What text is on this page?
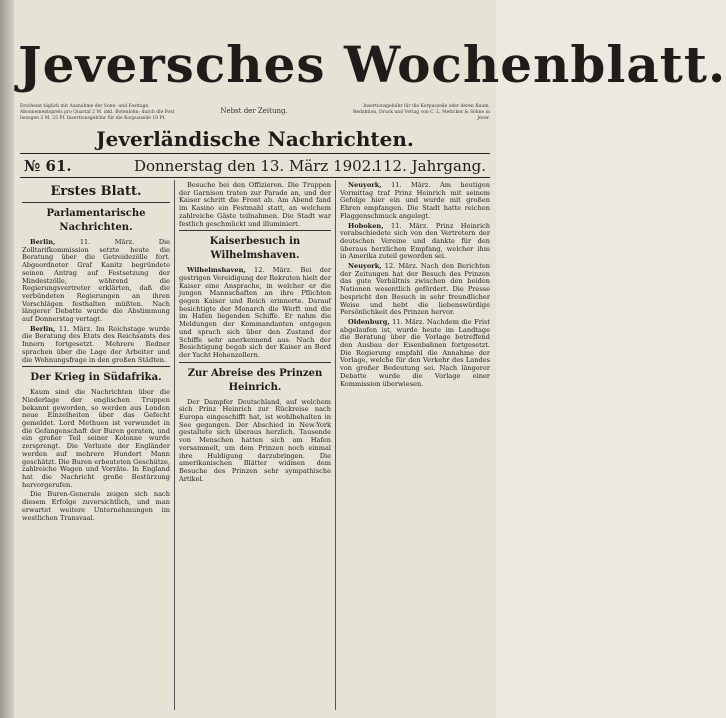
Jeversches Wochenblatt.
Erscheint täglich mit Ausnahme der Sonn- und Festtage. Abonnementspreis pro Quartal 2 M. inkl. Botenlohn; durch die Post bezogen 2 M. 25 Pf. Insertionsgebühr für die Korpuszeile 10 Pf.
Nebst der Zeitung.
Insertionsgebühr für die Korpuszeile oder deren Raum. Redaktion, Druck und Verlag von C. L. Mettcker & Söhne in Jever.
Jeverländische Nachrichten.
№ 61.	Donnerstag den 13. März 1902.
112. Jahrgang.
Erstes Blatt.
Parlamentarische Nachrichten.

Berlin, 11. März. Die Zolltarifkommission setzte heute die Beratung über die Getreidezölle fort. Abgeordneter Graf Kanitz begründete seinen Antrag auf Festsetzung der Mindestzölle, während die Regierungsvertreter erklärten, daß die verbündeten Regierungen an ihren Vorschlägen festhalten müßten. Nach längerer Debatte wurde die Abstimmung auf Donnerstag vertagt.

Berlin, 11. März. Im Reichstage wurde die Beratung des Etats des Reichsamts des Innern fortgesetzt. Mehrere Redner sprachen über die Lage der Arbeiter und die Wohnungsfrage in den großen Städten.

Der Krieg in Südafrika.

Kaum sind die Nachrichten über die Niederlage der englischen Truppen bekannt geworden, so werden aus London neue Einzelheiten über das Gefecht gemeldet. Lord Methuen ist verwundet in die Gefangenschaft der Buren geraten, und ein großer Teil seiner Kolonne wurde zersprengt. Die Verluste der Engländer werden auf mehrere Hundert Mann geschätzt. Die Buren erbeuteten Geschütze, zahlreiche Wagen und Vorräte. In England hat die Nachricht große Bestürzung hervorgerufen.

Die Buren-Generale zeigen sich nach diesem Erfolge zuversichtlich, und man erwartet weitere Unternehmungen im westlichen Transvaal.

Besuche bei den Offizieren. Die Truppen der Garnison traten zur Parade an, und der Kaiser schritt die Front ab. Am Abend fand im Kasino ein Festmahl statt, an welchem zahlreiche Gäste teilnahmen. Die Stadt war festlich geschmückt und illuminiert.

Kaiserbesuch in Wilhelmshaven.

Wilhelmshaven, 12. März. Bei der gestrigen Vereidigung der Rekruten hielt der Kaiser eine Ansprache, in welcher er die jungen Mannschaften an ihre Pflichten gegen Kaiser und Reich erinnerte. Darauf besichtigte der Monarch die Werft und die im Hafen liegenden Schiffe. Er nahm die Meldungen der Kommandanten entgegen und sprach sich über den Zustand der Schiffe sehr anerkennend aus. Nach der Besichtigung begab sich der Kaiser an Bord der Yacht Hohenzollern.

Zur Abreise des Prinzen Heinrich.

Der Dampfer Deutschland, auf welchem sich Prinz Heinrich zur Rückreise nach Europa eingeschifft hat, ist wohlbehalten in See gegangen. Der Abschied in New-York gestaltete sich überaus herzlich. Tausende von Menschen hatten sich am Hafen versammelt, um dem Prinzen noch einmal ihre Huldigung darzubringen. Die amerikanischen Blätter widmen dem Besuche des Prinzen sehr sympathische Artikel.

Neuyork, 11. März. Am heutigen Vormittag traf Prinz Heinrich mit seinem Gefolge hier ein und wurde mit großen Ehren empfangen. Die Stadt hatte reichen Flaggenschmuck angelegt.

Hoboken, 11. März. Prinz Heinrich verabschiedete sich von den Vertretern der deutschen Vereine und dankte für den überaus herzlichen Empfang, welcher ihm in Amerika zuteil geworden sei.

Neuyork, 12. März. Nach den Berichten der Zeitungen hat der Besuch des Prinzen das gute Verhältnis zwischen den beiden Nationen wesentlich gefördert. Die Presse bespricht den Besuch in sehr freundlicher Weise und hebt die liebenswürdige Persönlichkeit des Prinzen hervor.

Oldenburg, 11. März. Nachdem die Frist abgelaufen ist, wurde heute im Landtage die Beratung über die Vorlage betreffend den Ausbau der Eisenbahnen fortgesetzt. Die Regierung empfahl die Annahme der Vorlage, welche für den Verkehr des Landes von großer Bedeutung sei. Nach längerer Debatte wurde die Vorlage einer Kommission überwiesen.
